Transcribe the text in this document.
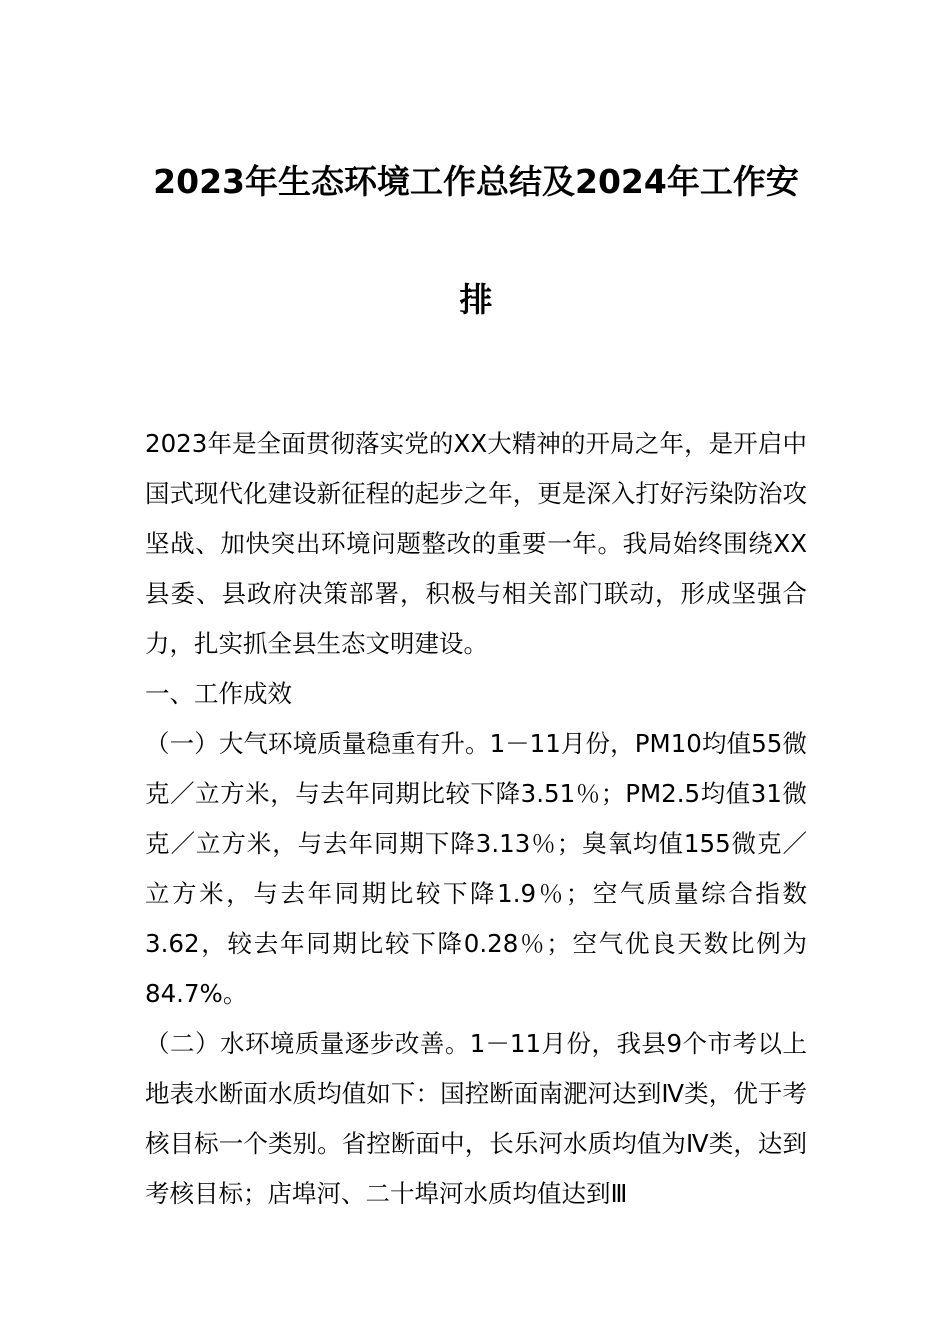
2023年生态环境工作总结及2024年工作安
排

2023年是全面贯彻落实党的XX大精神的开局之年，是开启中国式现代化建设新征程的起步之年，更是深入打好污染防治攻坚战、加快突出环境问题整改的重要一年。我局始终围绕XX县委、县政府决策部署，积极与相关部门联动，形成坚强合力，扎实抓全县生态文明建设。

一、工作成效

（一）大气环境质量稳重有升。1－11月份，PM10均值55微克／立方米，与去年同期比较下降3.51％；PM2.5均值31微克／立方米，与去年同期下降3.13％；臭氧均值155微克／立方米，与去年同期比较下降1.9％；空气质量综合指数3.62，较去年同期比较下降0.28％；空气优良天数比例为84.7%。

（二）水环境质量逐步改善。1－11月份，我县9个市考以上地表水断面水质均值如下：国控断面南淝河达到Ⅳ类，优于考核目标一个类别。省控断面中，长乐河水质均值为Ⅳ类，达到考核目标；店埠河、二十埠河水质均值达到Ⅲ
